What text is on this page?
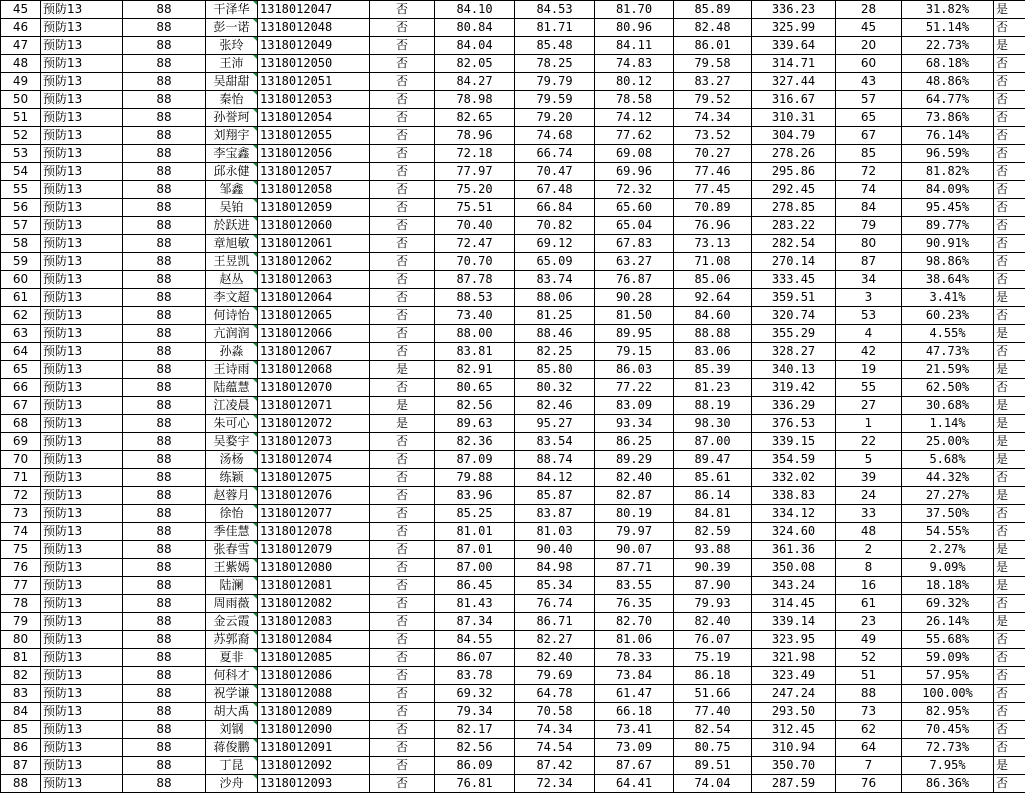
45	预防13	88	干泽华	1318012047	否	84.10	84.53	81.70	85.89	336.23	28	31.82%	是
46	预防13	88	彭一诺	1318012048	否	80.84	81.71	80.96	82.48	325.99	45	51.14%	否
47	预防13	88	张玲	1318012049	否	84.04	85.48	84.11	86.01	339.64	20	22.73%	是
48	预防13	88	王沛	1318012050	否	82.05	78.25	74.83	79.58	314.71	60	68.18%	否
49	预防13	88	吴甜甜	1318012051	否	84.27	79.79	80.12	83.27	327.44	43	48.86%	否
50	预防13	88	秦怡	1318012053	否	78.98	79.59	78.58	79.52	316.67	57	64.77%	否
51	预防13	88	孙誉珂	1318012054	否	82.65	79.20	74.12	74.34	310.31	65	73.86%	否
52	预防13	88	刘翔宇	1318012055	否	78.96	74.68	77.62	73.52	304.79	67	76.14%	否
53	预防13	88	李宝鑫	1318012056	否	72.18	66.74	69.08	70.27	278.26	85	96.59%	否
54	预防13	88	邱永健	1318012057	否	77.97	70.47	69.96	77.46	295.86	72	81.82%	否
55	预防13	88	邹鑫	1318012058	否	75.20	67.48	72.32	77.45	292.45	74	84.09%	否
56	预防13	88	吴铂	1318012059	否	75.51	66.84	65.60	70.89	278.85	84	95.45%	否
57	预防13	88	於跃进	1318012060	否	70.40	70.82	65.04	76.96	283.22	79	89.77%	否
58	预防13	88	章旭敏	1318012061	否	72.47	69.12	67.83	73.13	282.54	80	90.91%	否
59	预防13	88	王昱凯	1318012062	否	70.70	65.09	63.27	71.08	270.14	87	98.86%	否
60	预防13	88	赵丛	1318012063	否	87.78	83.74	76.87	85.06	333.45	34	38.64%	否
61	预防13	88	李文超	1318012064	否	88.53	88.06	90.28	92.64	359.51	3	3.41%	是
62	预防13	88	何诗怡	1318012065	否	73.40	81.25	81.50	84.60	320.74	53	60.23%	否
63	预防13	88	亢润润	1318012066	否	88.00	88.46	89.95	88.88	355.29	4	4.55%	是
64	预防13	88	孙淼	1318012067	否	83.81	82.25	79.15	83.06	328.27	42	47.73%	否
65	预防13	88	王诗雨	1318012068	是	82.91	85.80	86.03	85.39	340.13	19	21.59%	是
66	预防13	88	陆蕴慧	1318012070	否	80.65	80.32	77.22	81.23	319.42	55	62.50%	否
67	预防13	88	江凌晨	1318012071	是	82.56	82.46	83.09	88.19	336.29	27	30.68%	是
68	预防13	88	朱可心	1318012072	是	89.63	95.27	93.34	98.30	376.53	1	1.14%	是
69	预防13	88	吴婺宇	1318012073	否	82.36	83.54	86.25	87.00	339.15	22	25.00%	是
70	预防13	88	汤杨	1318012074	否	87.09	88.74	89.29	89.47	354.59	5	5.68%	是
71	预防13	88	练颖	1318012075	否	79.88	84.12	82.40	85.61	332.02	39	44.32%	否
72	预防13	88	赵蓉月	1318012076	否	83.96	85.87	82.87	86.14	338.83	24	27.27%	是
73	预防13	88	徐怡	1318012077	否	85.25	83.87	80.19	84.81	334.12	33	37.50%	否
74	预防13	88	季佳慧	1318012078	否	81.01	81.03	79.97	82.59	324.60	48	54.55%	否
75	预防13	88	张春雪	1318012079	否	87.01	90.40	90.07	93.88	361.36	2	2.27%	是
76	预防13	88	王紫嫣	1318012080	否	87.00	84.98	87.71	90.39	350.08	8	9.09%	是
77	预防13	88	陆澜	1318012081	否	86.45	85.34	83.55	87.90	343.24	16	18.18%	是
78	预防13	88	周雨薇	1318012082	否	81.43	76.74	76.35	79.93	314.45	61	69.32%	否
79	预防13	88	金云霞	1318012083	否	87.34	86.71	82.70	82.40	339.14	23	26.14%	是
80	预防13	88	苏郭裔	1318012084	否	84.55	82.27	81.06	76.07	323.95	49	55.68%	否
81	预防13	88	夏非	1318012085	否	86.07	82.40	78.33	75.19	321.98	52	59.09%	否
82	预防13	88	何科才	1318012086	否	83.78	79.69	73.84	86.18	323.49	51	57.95%	否
83	预防13	88	祝学谦	1318012088	否	69.32	64.78	61.47	51.66	247.24	88	100.00%	否
84	预防13	88	胡大禹	1318012089	否	79.34	70.58	66.18	77.40	293.50	73	82.95%	否
85	预防13	88	刘钢	1318012090	否	82.17	74.34	73.41	82.54	312.45	62	70.45%	否
86	预防13	88	蒋俊鹏	1318012091	否	82.56	74.54	73.09	80.75	310.94	64	72.73%	否
87	预防13	88	丁昆	1318012092	否	86.09	87.42	87.67	89.51	350.70	7	7.95%	是
88	预防13	88	沙舟	1318012093	否	76.81	72.34	64.41	74.04	287.59	76	86.36%	否
